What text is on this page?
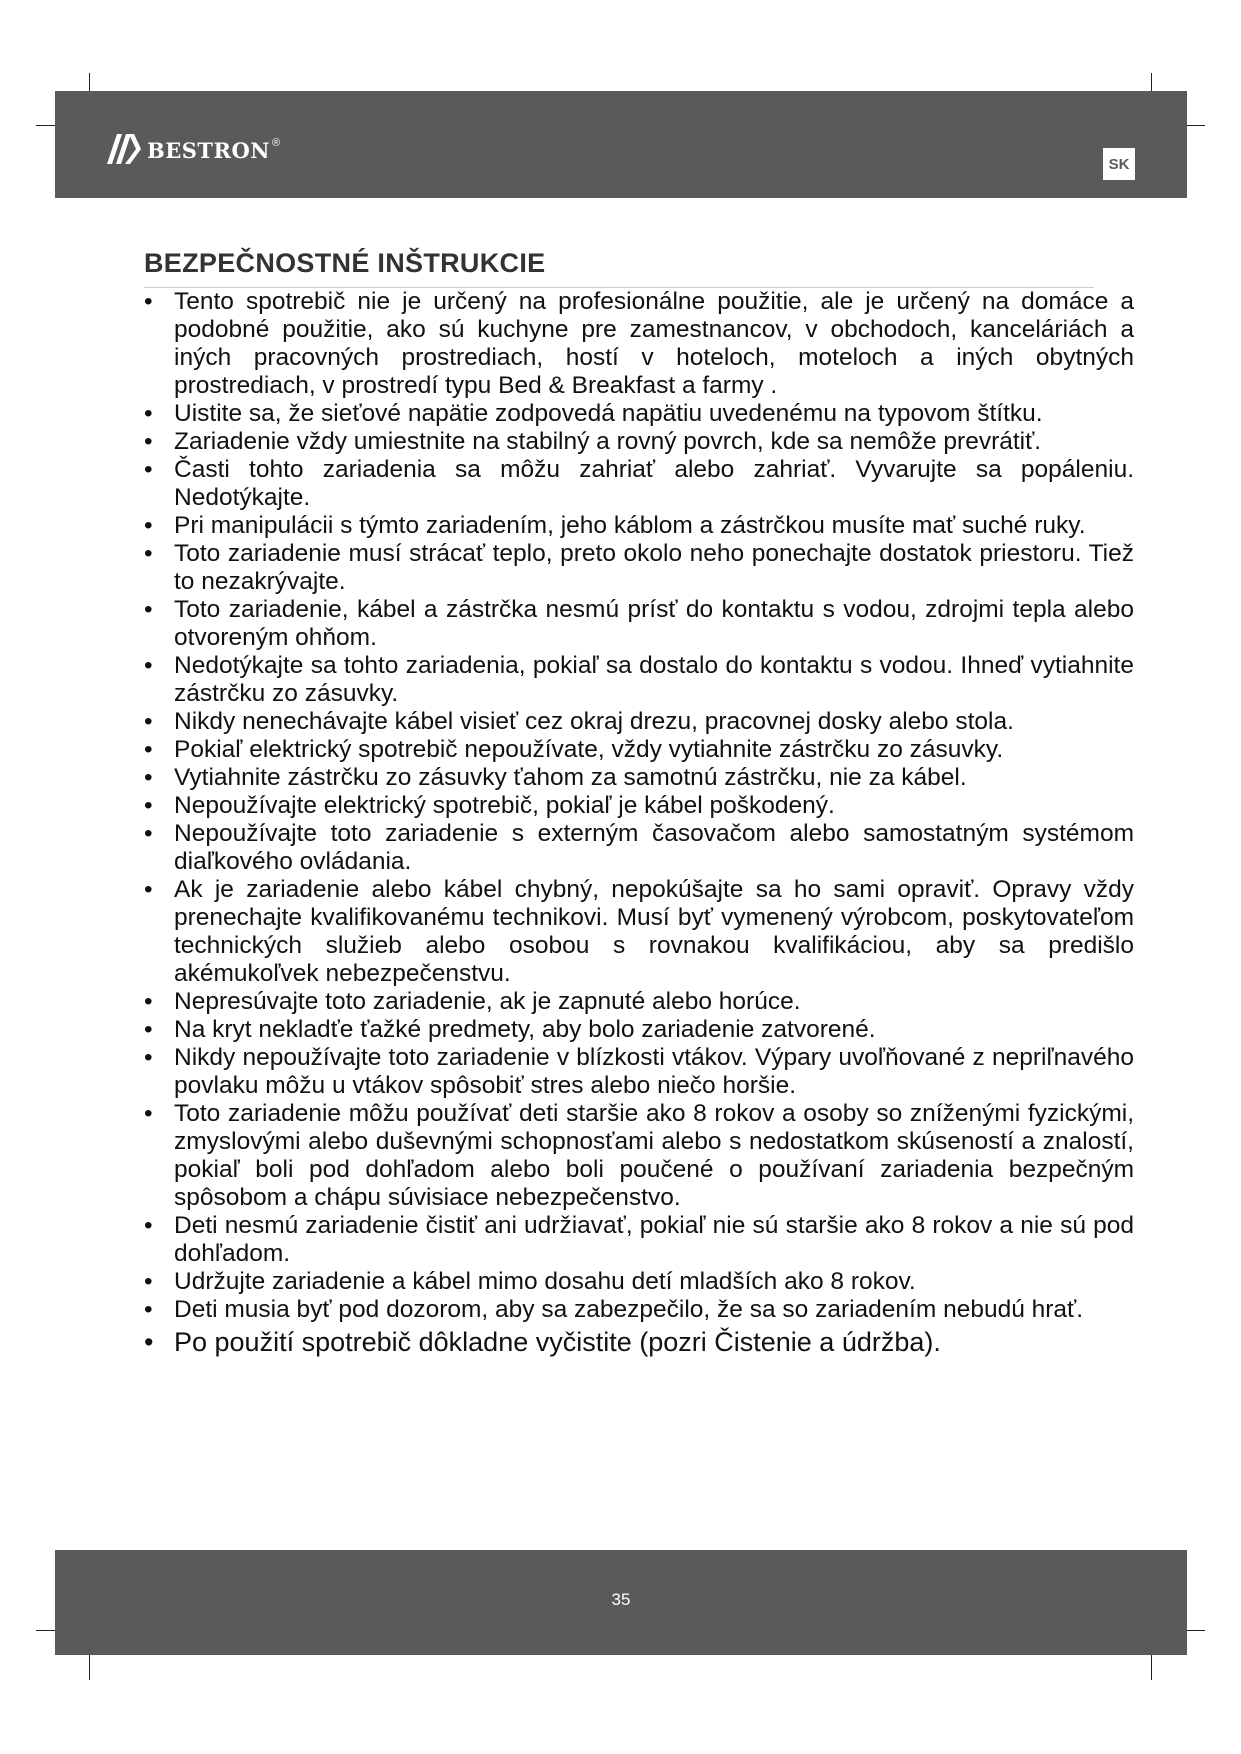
bestron ®
SK
BEZPEČNOSTNÉ INŠTRUKCIE
• Tento spotrebič nie je určený na profesionálne použitie, ale je určený na domáce a podobné použitie, ako sú kuchyne pre zamestnancov, v obchodoch, kanceláriách a iných pracovných prostrediach, hostí v hoteloch, moteloch a iných obytných prostrediach, v prostredí typu Bed & Breakfast a farmy .
• Uistite sa, že sieťové napätie zodpovedá napätiu uvedenému na typovom štítku.
• Zariadenie vždy umiestnite na stabilný a rovný povrch, kde sa nemôže prevrátiť.
• Časti tohto zariadenia sa môžu zahriať alebo zahriať. Vyvarujte sa popáleniu. Nedotýkajte.
• Pri manipulácii s týmto zariadením, jeho káblom a zástrčkou musíte mať suché ruky.
• Toto zariadenie musí strácať teplo, preto okolo neho ponechajte dostatok priestoru. Tiež to nezakrývajte.
• Toto zariadenie, kábel a zástrčka nesmú prísť do kontaktu s vodou, zdrojmi tepla alebo otvoreným ohňom.
• Nedotýkajte sa tohto zariadenia, pokiaľ sa dostalo do kontaktu s vodou. Ihneď vytiahnite zástrčku zo zásuvky.
• Nikdy nenechávajte kábel visieť cez okraj drezu, pracovnej dosky alebo stola.
• Pokiaľ elektrický spotrebič nepoužívate, vždy vytiahnite zástrčku zo zásuvky.
• Vytiahnite zástrčku zo zásuvky ťahom za samotnú zástrčku, nie za kábel.
• Nepoužívajte elektrický spotrebič, pokiaľ je kábel poškodený.
• Nepoužívajte toto zariadenie s externým časovačom alebo samostatným systémom diaľkového ovládania.
• Ak je zariadenie alebo kábel chybný, nepokúšajte sa ho sami opraviť. Opravy vždy prenechajte kvalifikovanému technikovi. Musí byť vymenený výrobcom, poskytovateľom technických služieb alebo osobou s rovnakou kvalifikáciou, aby sa predišlo akémukoľvek nebezpečenstvu.
• Nepresúvajte toto zariadenie, ak je zapnuté alebo horúce.
• Na kryt nekladťe ťažké predmety, aby bolo zariadenie zatvorené.
• Nikdy nepoužívajte toto zariadenie v blízkosti vtákov. Výpary uvoľňované z nepriľnavého povlaku môžu u vtákov spôsobiť stres alebo niečo horšie.
• Toto zariadenie môžu používať deti staršie ako 8 rokov a osoby so zníženými fyzickými, zmyslovými alebo duševnými schopnosťami alebo s nedostatkom skúseností a znalostí, pokiaľ boli pod dohľadom alebo boli poučené o používaní zariadenia bezpečným spôsobom a chápu súvisiace nebezpečenstvo.
• Deti nesmú zariadenie čistiť ani udržiavať, pokiaľ nie sú staršie ako 8 rokov a nie sú pod dohľadom.
• Udržujte zariadenie a kábel mimo dosahu detí mladších ako 8 rokov.
• Deti musia byť pod dozorom, aby sa zabezpečilo, že sa so zariadením nebudú hrať.
• Po použití spotrebič dôkladne vyčistite (pozri Čistenie a údržba).
35
